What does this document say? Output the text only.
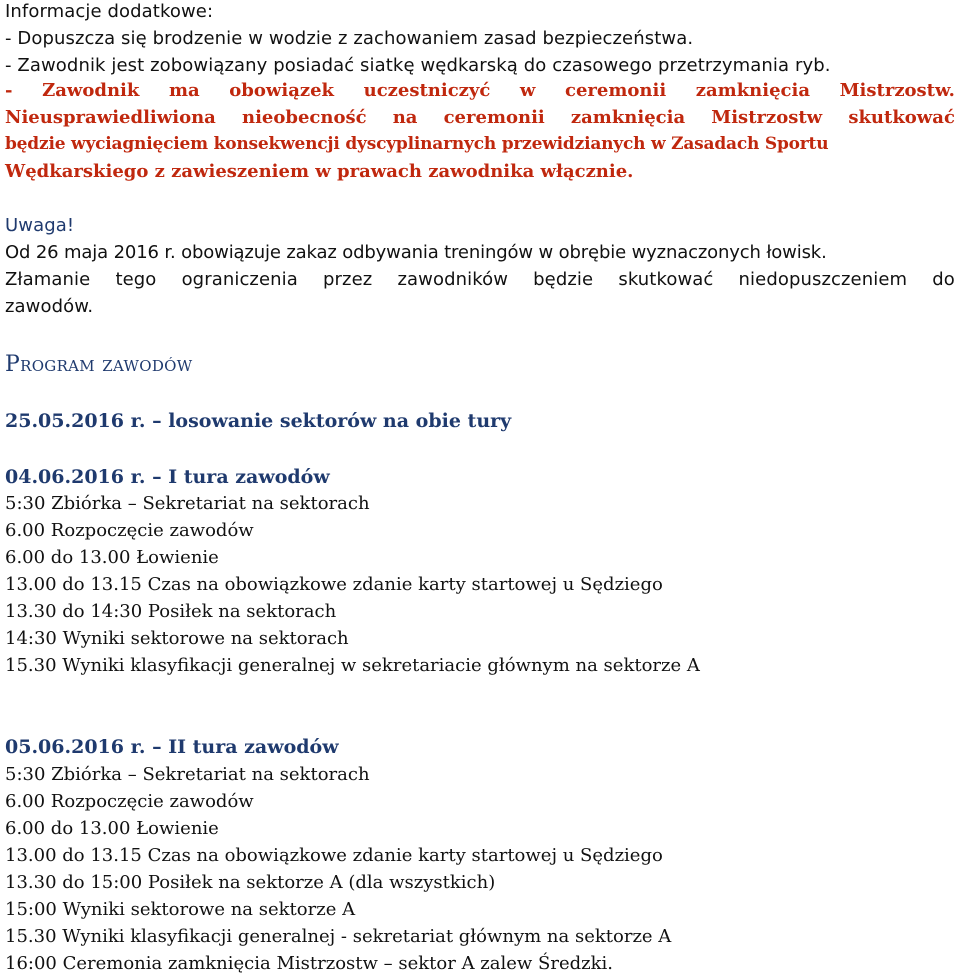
Informacje dodatkowe:
- Dopuszcza się brodzenie w wodzie z zachowaniem zasad bezpieczeństwa.
- Zawodnik jest zobowiązany posiadać siatkę wędkarską do czasowego przetrzymania ryb.
- Zawodnik ma obowiązek uczestniczyć w ceremonii zamknięcia Mistrzostw.
Nieusprawiedliwiona nieobecność na ceremonii zamknięcia Mistrzostw skutkować
będzie wyciagnięciem konsekwencji dyscyplinarnych przewidzianych w Zasadach Sportu
Wędkarskiego z zawieszeniem w prawach zawodnika włącznie.
Uwaga!
Od 26 maja 2016 r. obowiązuje zakaz odbywania treningów w obrębie wyznaczonych łowisk.
Złamanie tego ograniczenia przez zawodników będzie skutkować niedopuszczeniem do
zawodów.
Program zawodów
25.05.2016 r. – losowanie sektorów na obie tury
04.06.2016 r. – I tura zawodów
5:30 Zbiórka – Sekretariat na sektorach
6.00 Rozpoczęcie zawodów
6.00 do 13.00 Łowienie
13.00 do 13.15 Czas na obowiązkowe zdanie karty startowej u Sędziego
13.30 do 14:30 Posiłek na sektorach
14:30 Wyniki sektorowe na sektorach
15.30 Wyniki klasyfikacji generalnej w sekretariacie głównym na sektorze A
05.06.2016 r. – II tura zawodów
5:30 Zbiórka – Sekretariat na sektorach
6.00 Rozpoczęcie zawodów
6.00 do 13.00 Łowienie
13.00 do 13.15 Czas na obowiązkowe zdanie karty startowej u Sędziego
13.30 do 15:00 Posiłek na sektorze A (dla wszystkich)
15:00 Wyniki sektorowe na sektorze A
15.30 Wyniki klasyfikacji generalnej - sekretariat głównym na sektorze A
16:00 Ceremonia zamknięcia Mistrzostw – sektor A zalew Średzki.
